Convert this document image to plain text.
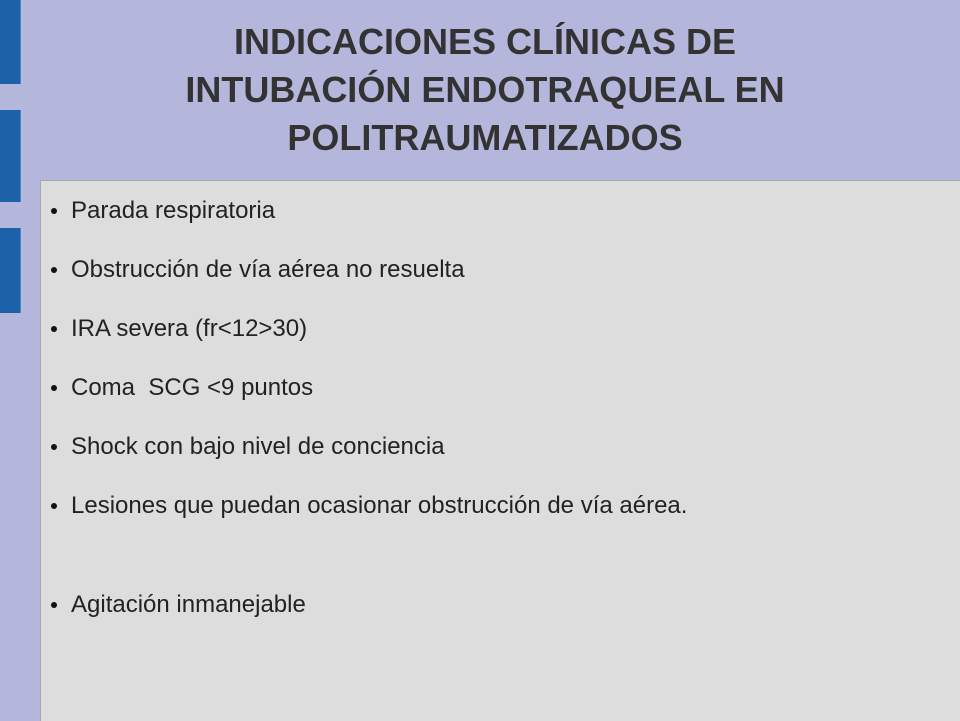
INDICACIONES CLÍNICAS DE
INTUBACIÓN ENDOTRAQUEAL EN
POLITRAUMATIZADOS
Parada respiratoria
Obstrucción de vía aérea no resuelta
IRA severa (fr<12>30)
Coma  SCG <9 puntos
Shock con bajo nivel de conciencia
Lesiones que puedan ocasionar obstrucción de vía aérea.
Agitación inmanejable
